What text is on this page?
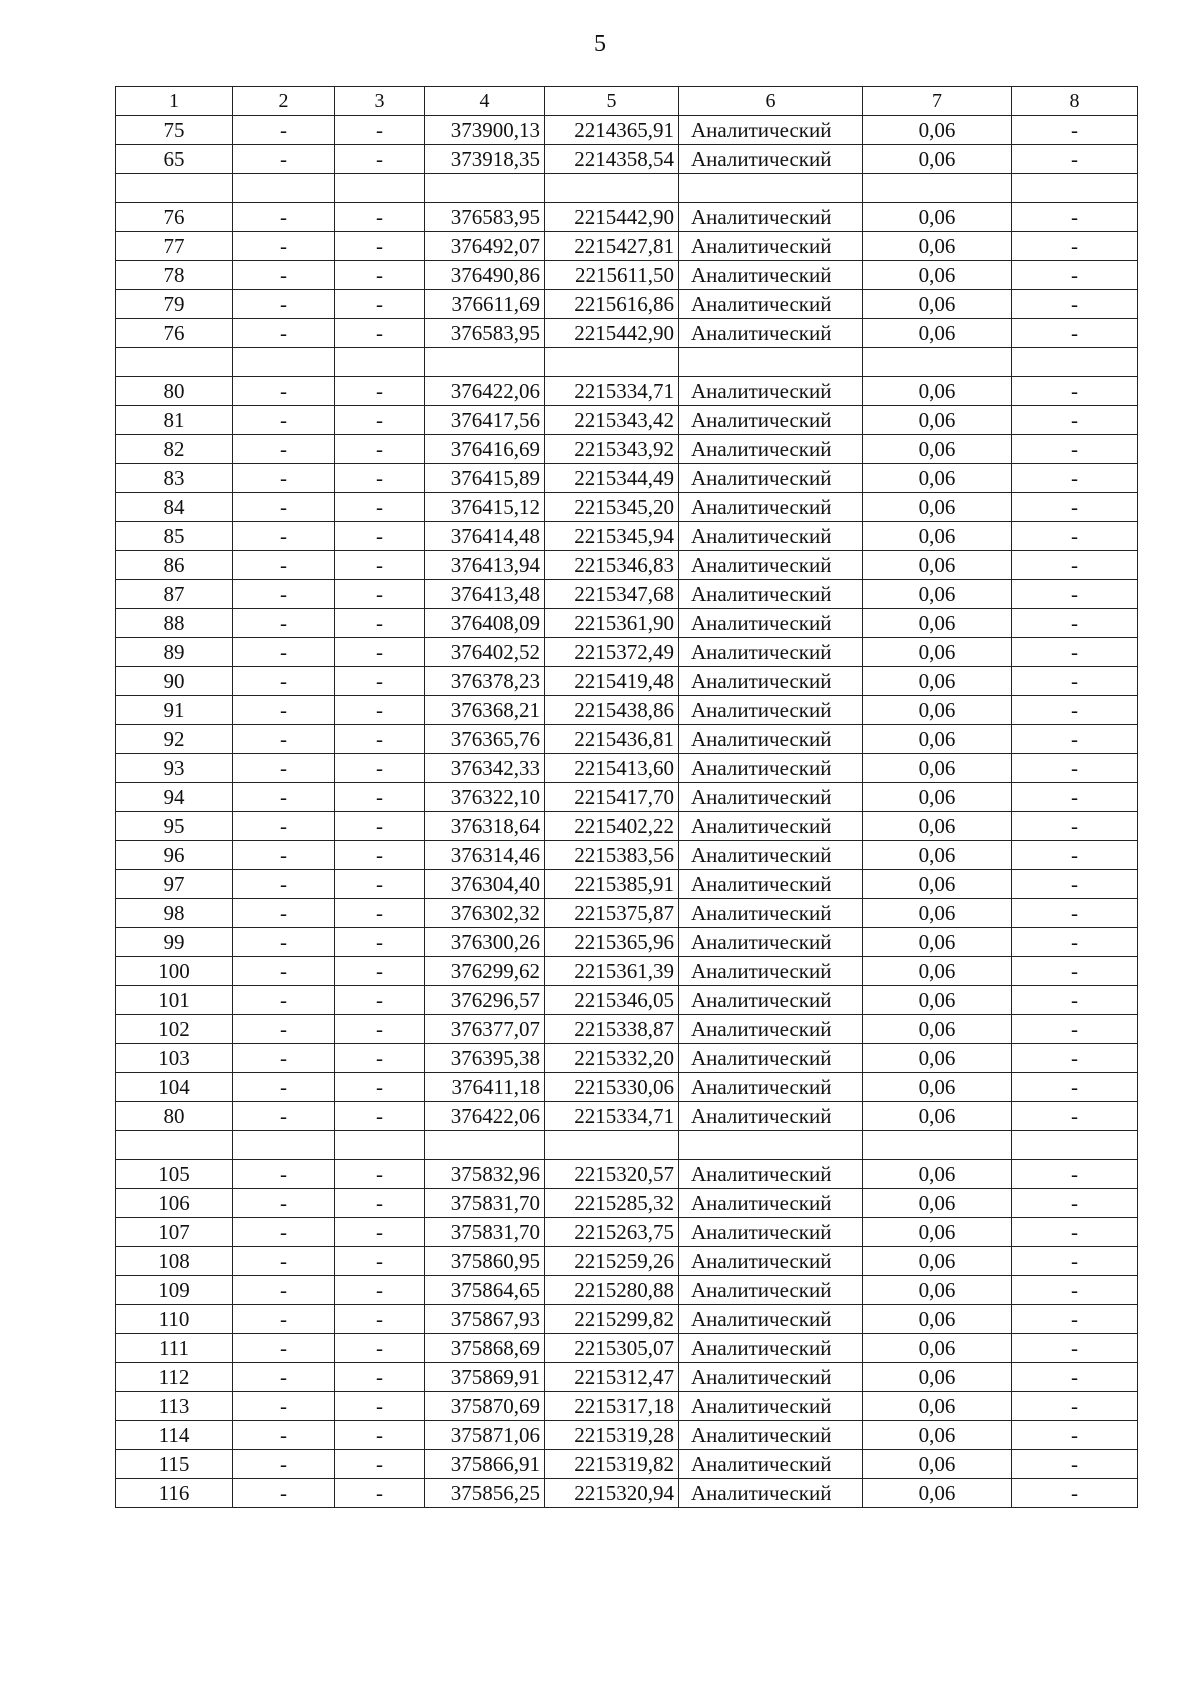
5
1	2	3	4	5	6	7	8
75	-	-	373900,13	2214365,91	Аналитический	0,06	-
65	-	-	373918,35	2214358,54	Аналитический	0,06	-

76	-	-	376583,95	2215442,90	Аналитический	0,06	-
77	-	-	376492,07	2215427,81	Аналитический	0,06	-
78	-	-	376490,86	2215611,50	Аналитический	0,06	-
79	-	-	376611,69	2215616,86	Аналитический	0,06	-
76	-	-	376583,95	2215442,90	Аналитический	0,06	-

80	-	-	376422,06	2215334,71	Аналитический	0,06	-
81	-	-	376417,56	2215343,42	Аналитический	0,06	-
82	-	-	376416,69	2215343,92	Аналитический	0,06	-
83	-	-	376415,89	2215344,49	Аналитический	0,06	-
84	-	-	376415,12	2215345,20	Аналитический	0,06	-
85	-	-	376414,48	2215345,94	Аналитический	0,06	-
86	-	-	376413,94	2215346,83	Аналитический	0,06	-
87	-	-	376413,48	2215347,68	Аналитический	0,06	-
88	-	-	376408,09	2215361,90	Аналитический	0,06	-
89	-	-	376402,52	2215372,49	Аналитический	0,06	-
90	-	-	376378,23	2215419,48	Аналитический	0,06	-
91	-	-	376368,21	2215438,86	Аналитический	0,06	-
92	-	-	376365,76	2215436,81	Аналитический	0,06	-
93	-	-	376342,33	2215413,60	Аналитический	0,06	-
94	-	-	376322,10	2215417,70	Аналитический	0,06	-
95	-	-	376318,64	2215402,22	Аналитический	0,06	-
96	-	-	376314,46	2215383,56	Аналитический	0,06	-
97	-	-	376304,40	2215385,91	Аналитический	0,06	-
98	-	-	376302,32	2215375,87	Аналитический	0,06	-
99	-	-	376300,26	2215365,96	Аналитический	0,06	-
100	-	-	376299,62	2215361,39	Аналитический	0,06	-
101	-	-	376296,57	2215346,05	Аналитический	0,06	-
102	-	-	376377,07	2215338,87	Аналитический	0,06	-
103	-	-	376395,38	2215332,20	Аналитический	0,06	-
104	-	-	376411,18	2215330,06	Аналитический	0,06	-
80	-	-	376422,06	2215334,71	Аналитический	0,06	-

105	-	-	375832,96	2215320,57	Аналитический	0,06	-
106	-	-	375831,70	2215285,32	Аналитический	0,06	-
107	-	-	375831,70	2215263,75	Аналитический	0,06	-
108	-	-	375860,95	2215259,26	Аналитический	0,06	-
109	-	-	375864,65	2215280,88	Аналитический	0,06	-
110	-	-	375867,93	2215299,82	Аналитический	0,06	-
111	-	-	375868,69	2215305,07	Аналитический	0,06	-
112	-	-	375869,91	2215312,47	Аналитический	0,06	-
113	-	-	375870,69	2215317,18	Аналитический	0,06	-
114	-	-	375871,06	2215319,28	Аналитический	0,06	-
115	-	-	375866,91	2215319,82	Аналитический	0,06	-
116	-	-	375856,25	2215320,94	Аналитический	0,06	-
